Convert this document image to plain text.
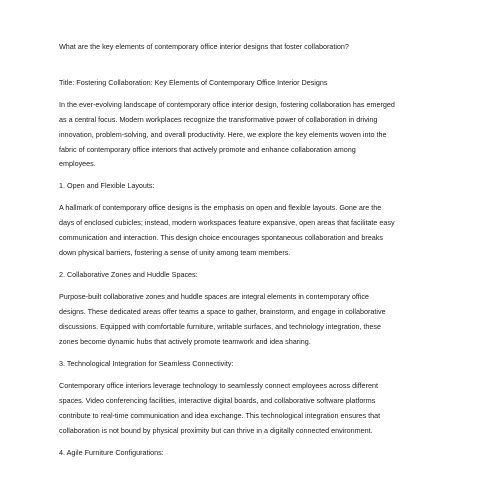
What are the key elements of contemporary office interior designs that foster collaboration?
Title: Fostering Collaboration: Key Elements of Contemporary Office Interior Designs
In the ever-evolving landscape of contemporary office interior design, fostering collaboration has emerged
as a central focus. Modern workplaces recognize the transformative power of collaboration in driving
innovation, problem-solving, and overall productivity. Here, we explore the key elements woven into the
fabric of contemporary office interiors that actively promote and enhance collaboration among
employees.
1. Open and Flexible Layouts:
A hallmark of contemporary office designs is the emphasis on open and flexible layouts. Gone are the
days of enclosed cubicles; instead, modern workspaces feature expansive, open areas that facilitate easy
communication and interaction. This design choice encourages spontaneous collaboration and breaks
down physical barriers, fostering a sense of unity among team members.
2. Collaborative Zones and Huddle Spaces:
Purpose-built collaborative zones and huddle spaces are integral elements in contemporary office
designs. These dedicated areas offer teams a space to gather, brainstorm, and engage in collaborative
discussions. Equipped with comfortable furniture, writable surfaces, and technology integration, these
zones become dynamic hubs that actively promote teamwork and idea sharing.
3. Technological Integration for Seamless Connectivity:
Contemporary office interiors leverage technology to seamlessly connect employees across different
spaces. Video conferencing facilities, interactive digital boards, and collaborative software platforms
contribute to real-time communication and idea exchange. This technological integration ensures that
collaboration is not bound by physical proximity but can thrive in a digitally connected environment.
4. Agile Furniture Configurations:
